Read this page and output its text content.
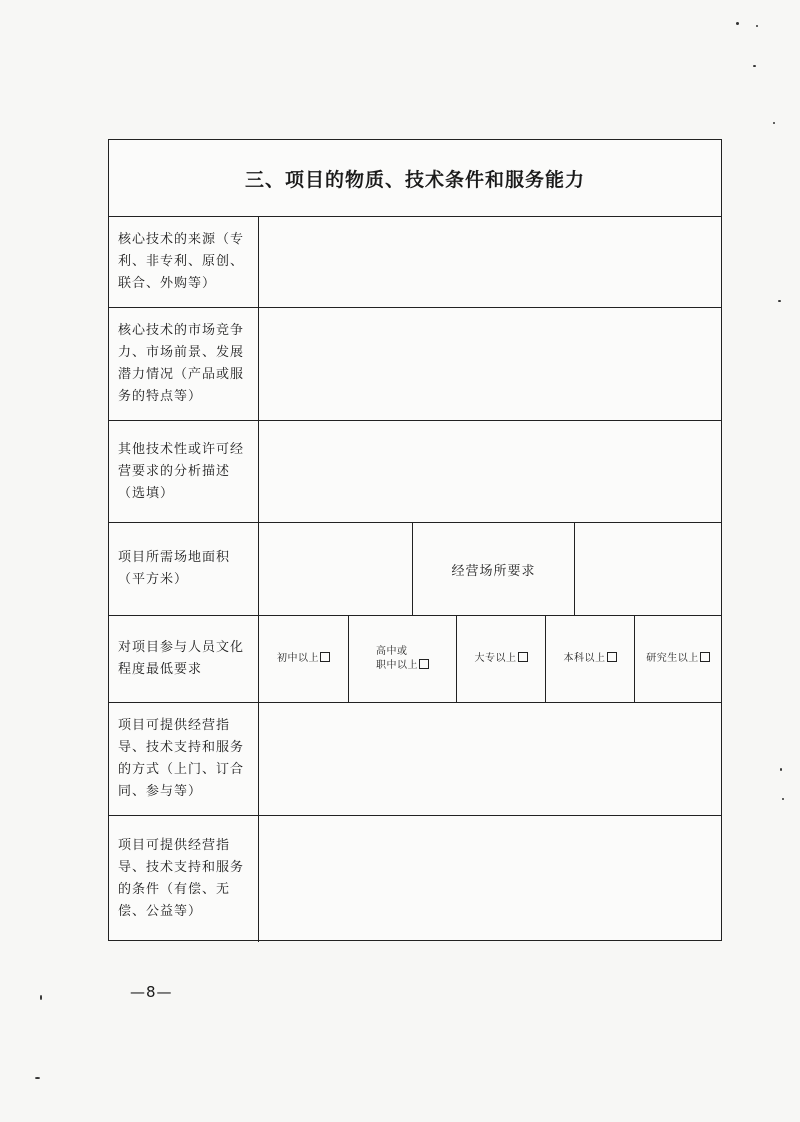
三、项目的物质、技术条件和服务能力
核心技术的来源（专利、非专利、原创、联合、外购等）
核心技术的市场竞争力、市场前景、发展潜力情况（产品或服务的特点等）
其他技术性或许可经营要求的分析描述（选填）
项目所需场地面积（平方米）
经营场所要求
对项目参与人员文化程度最低要求
初中以上
高中或
职中以上
大专以上	本科以上	研究生以上
项目可提供经营指导、技术支持和服务的方式（上门、订合同、参与等）
项目可提供经营指导、技术支持和服务的条件（有偿、无偿、公益等）
—8—
